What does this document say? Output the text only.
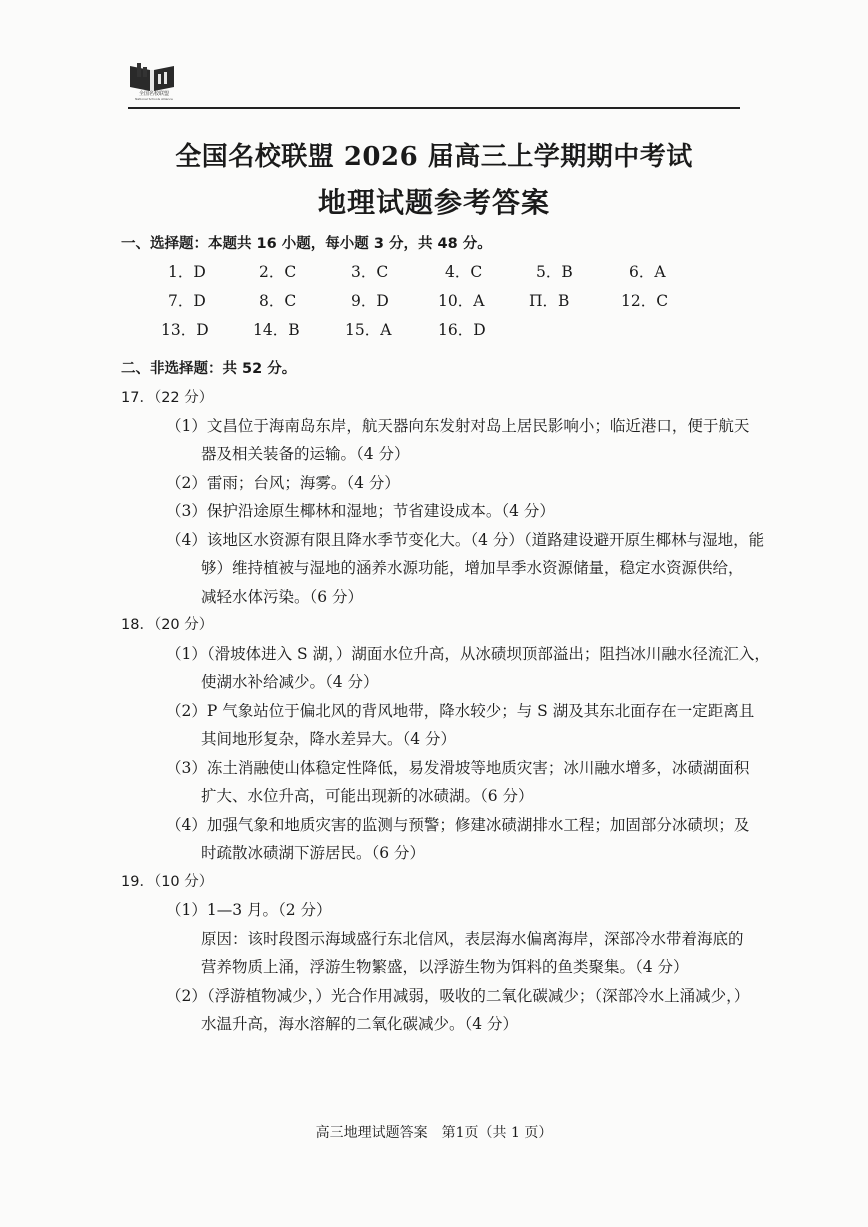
全国名校联盟
National Schools Alliance
全国名校联盟 2026 届高三上学期期中考试
地理试题参考答案
一、选择题：本题共 16 小题，每小题 3 分，共 48 分。
1．D	2．C	3．C	4．C	5．B	6．A
7．D	8．C	9．D	10．A	П．B	12．C
13．D	14．B	15．A	16．D
二、非选择题：共 52 分。
17．（22 分）
（1）文昌位于海南岛东岸，航天器向东发射对岛上居民影响小；临近港口，便于航天
器及相关装备的运输。（4 分）
（2）雷雨；台风；海雾。（4 分）
（3）保护沿途原生椰林和湿地；节省建设成本。（4 分）
（4）该地区水资源有限且降水季节变化大。（4 分）（道路建设避开原生椰林与湿地，能
够）维持植被与湿地的涵养水源功能，增加旱季水资源储量，稳定水资源供给，
减轻水体污染。（6 分）
18．（20 分）
（1）（滑坡体进入 S 湖，）湖面水位升高，从冰碛坝顶部溢出；阻挡冰川融水径流汇入，
使湖水补给减少。（4 分）
（2）P 气象站位于偏北风的背风地带，降水较少；与 S 湖及其东北面存在一定距离且
其间地形复杂，降水差异大。（4 分）
（3）冻土消融使山体稳定性降低，易发滑坡等地质灾害；冰川融水增多，冰碛湖面积
扩大、水位升高，可能出现新的冰碛湖。（6 分）
（4）加强气象和地质灾害的监测与预警；修建冰碛湖排水工程；加固部分冰碛坝；及
时疏散冰碛湖下游居民。（6 分）
19．（10 分）
（1）1—3 月。（2 分）
原因：该时段图示海域盛行东北信风，表层海水偏离海岸，深部冷水带着海底的
营养物质上涌，浮游生物繁盛，以浮游生物为饵料的鱼类聚集。（4 分）
（2）（浮游植物减少，）光合作用减弱，吸收的二氧化碳减少；（深部冷水上涌减少，）
水温升高，海水溶解的二氧化碳减少。（4 分）
高三地理试题答案　第1页（共 1 页）
